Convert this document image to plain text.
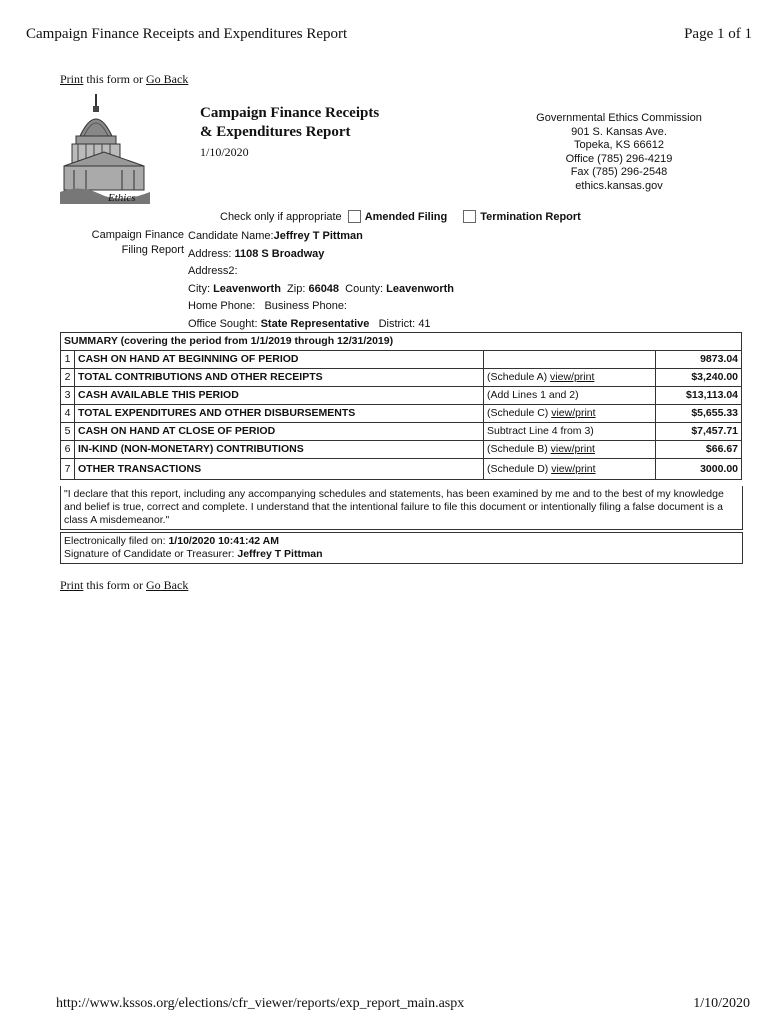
Campaign Finance Receipts and Expenditures Report	Page 1 of 1
Print this form or Go Back
Ethics
Campaign Finance Receipts
& Expenditures Report
1/10/2020
Governmental Ethics Commission
901 S. Kansas Ave.
Topeka, KS 66612
Office (785) 296-4219
Fax (785) 296-2548
ethics.kansas.gov
Check only if appropriate Amended Filing	Termination Report
Campaign Finance Filing Report
Candidate Name:Jeffrey T Pittman
Address: 1108 S Broadway
Address2:
City: Leavenworth Zip: 66048 County: Leavenworth
Home Phone: Business Phone:
Office Sought: State Representative District: 41
SUMMARY (covering the period from 1/1/2019 through 12/31/2019)			
1	CASH ON HAND AT BEGINNING OF PERIOD		9873.04
2	TOTAL CONTRIBUTIONS AND OTHER RECEIPTS	(Schedule A) view/print	$3,240.00
3	CASH AVAILABLE THIS PERIOD	(Add Lines 1 and 2)	$13,113.04
4	TOTAL EXPENDITURES AND OTHER DISBURSEMENTS	(Schedule C) view/print	$5,655.33
5	CASH ON HAND AT CLOSE OF PERIOD	Subtract Line 4 from 3)	$7,457.71
6	IN-KIND (NON-MONETARY) CONTRIBUTIONS	(Schedule B) view/print	$66.67
7	OTHER TRANSACTIONS	(Schedule D) view/print	3000.00
"I declare that this report, including any accompanying schedules and statements, has been examined by me and to the best of my knowledge and belief is true, correct and complete. I understand that the intentional failure to file this document or intentionally filing a false document is a class A misdemeanor."
Electronically filed on: 1/10/2020 10:41:42 AM
Signature of Candidate or Treasurer: Jeffrey T Pittman
Print this form or Go Back
http://www.kssos.org/elections/cfr_viewer/reports/exp_report_main.aspx	1/10/2020
